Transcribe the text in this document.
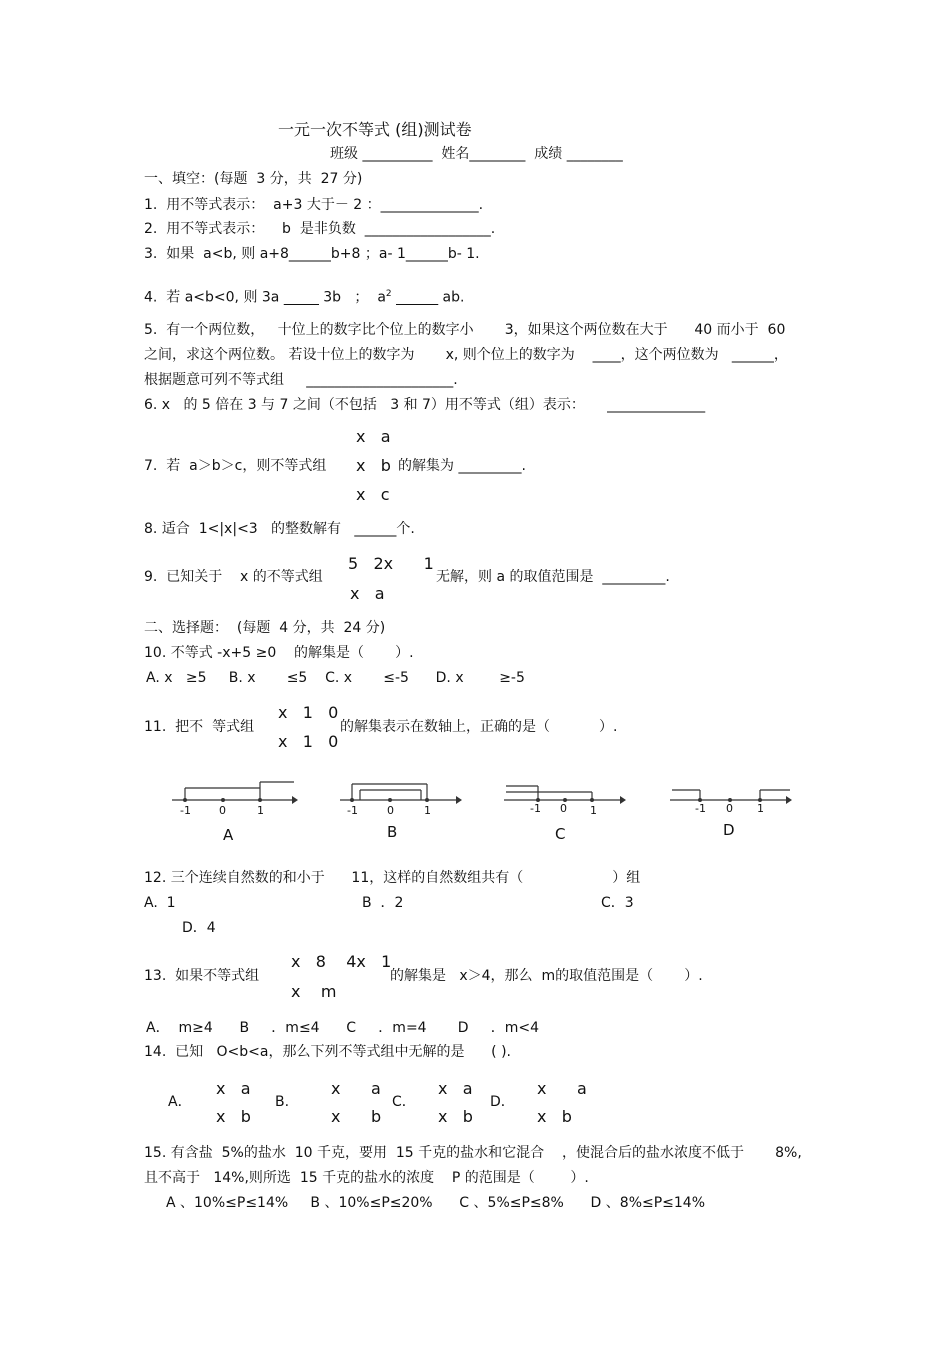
一元一次不等式 (组)测试卷
班级 __________  姓名________  成绩 ________
一、填空：(每题  3 分，共  27 分)
1.  用不等式表示：  a+3 大于－ 2 ：______________.
2.  用不等式表示：    b  是非负数  __________________.
3.  如果  a<b, 则 a+8______b+8 ；a- 1______b- 1.
4.  若 a<b<0, 则 3a _____ 3b   ；  $a^2$ ______ ab.
5.  有一个两位数，   十位上的数字比个位上的数字小       3，如果这个两位数在大于      40 而小于  60
之间，求这个两位数。 若设十位上的数字为       x, 则个位上的数字为    ____，这个两位数为   ______，
根据题意可列不等式组     _____________________.
6. x   的 5 倍在 3 与 7 之间（不包括   3 和 7）用不等式（组）表示：     ______________
x   a
7.  若  a＞b＞c，则不等式组 x   b 的解集为 _________.
x   c
8. 适合  1<|x|<3   的整数解有   ______个.
5   2x      1
9.  已知关于    x 的不等式组	无解，则 a 的取值范围是  _________.
x   a
二、选择题：  (每题  4 分，共  24 分)
10. 不等式 -x+5 ≥0    的解集是（       ）.
A. x   ≥5     B. x       ≤5    C. x       ≤-5      D. x        ≥-5
x   1   0
11.  把不  等式组	的解集表示在数轴上，正确的是（           ）.
x   1   0
-1	0	1
A
-1	0	1
B
-1 0 1
C
-1 0 1
D
12. 三个连续自然数的和小于      11，这样的自然数组共有（                    ）组
A.  1	B  ．2	C．3
D．4
x   8    4x   1
13.  如果不等式组	的解集是   x＞4，那么  m的取值范围是（       ）.
x    m
A．  m≥4      B     ．m≤4      C     ．m=4       D     ．m<4
14.  已知   O<b<a，那么下列不等式组中无解的是      ( ).
x   a
x   b
A．	B.
x      a
x      b
C．
x   a
x   b
D．
x      a
x   b
15. 有含盐  5%的盐水  10 千克，要用  15 千克的盐水和它混合    ，使混合后的盐水浓度不低于       8%,
且不高于   14%,则所选  15 千克的盐水的浓度    P 的范围是（        ）.
A 、10%≤P≤14%     B 、10%≤P≤20%      C 、5%≤P≤8%      D 、8%≤P≤14%
